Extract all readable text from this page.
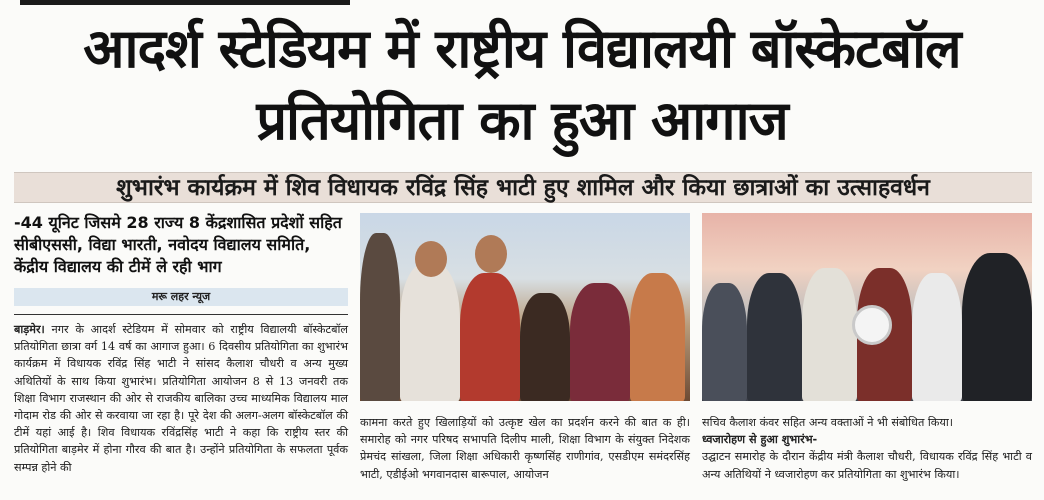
आदर्श स्टेडियम में राष्ट्रीय विद्यालयी बॉस्केटबॉल
प्रतियोगिता का हुआ आगाज
शुभारंभ कार्यक्रम में शिव विधायक रविंद्र सिंह भाटी हुए शामिल और किया छात्राओं का उत्साहवर्धन
-44 यूनिट जिसमे 28 राज्य 8 केंद्रशासित प्रदेशों सहित सीबीएससी, विद्या भारती, नवोदय विद्यालय समिति, केंद्रीय विद्यालय की टीमें ले रही भाग
मरू लहर न्यूज
बाड़मेर। नगर के आदर्श स्टेडियम में सोमवार को राष्ट्रीय विद्यालयी बॉस्केटबॉल प्रतियोगिता छात्रा वर्ग 14 वर्ष का आगाज हुआ। 6 दिवसीय प्रतियोगिता का शुभारंभ कार्यक्रम में विधायक रविंद्र सिंह भाटी ने सांसद कैलाश चौधरी व अन्य मुख्य अथितियों के साथ किया शुभारंभ। प्रतियोगिता आयोजन 8 से 13 जनवरी तक शिक्षा विभाग राजस्थान की ओर से राजकीय बालिका उच्च माध्यमिक विद्यालय माल गोदाम रोड की ओर से करवाया जा रहा है। पूरे देश की अलग-अलग बॉस्केटबॉल की टीमें यहां आई है। शिव विधायक रविंद्रसिंह भाटी ने कहा कि राष्ट्रीय स्तर की प्रतियोगिता बाड़मेर में होना गौरव की बात है। उन्होंने प्रतियोगिता के सफलता पूर्वक सम्पन्न होने की
कामना करते हुए खिलाड़ियों को उत्कृष्ट खेल का प्रदर्शन करने की बात क ही। समारोह को नगर परिषद सभापति दिलीप माली, शिक्षा विभाग के संयुक्त निदेशक प्रेमचंद सांखला, जिला शिक्षा अधिकारी कृष्णसिंह राणीगांव, एसडीएम समंदरसिंह भाटी, एडीईओ भगवानदास बारूपाल, आयोजन
सचिव कैलाश कंवर सहित अन्य वक्ताओं ने भी संबोधित किया।
ध्वजारोहण से हुआ शुभारंभ-
उद्घाटन समारोह के दौरान केंद्रीय मंत्री कैलाश चौधरी, विधायक रविंद्र सिंह भाटी व अन्य अतिथियों ने ध्वजारोहण कर प्रतियोगिता का शुभारंभ किया।
